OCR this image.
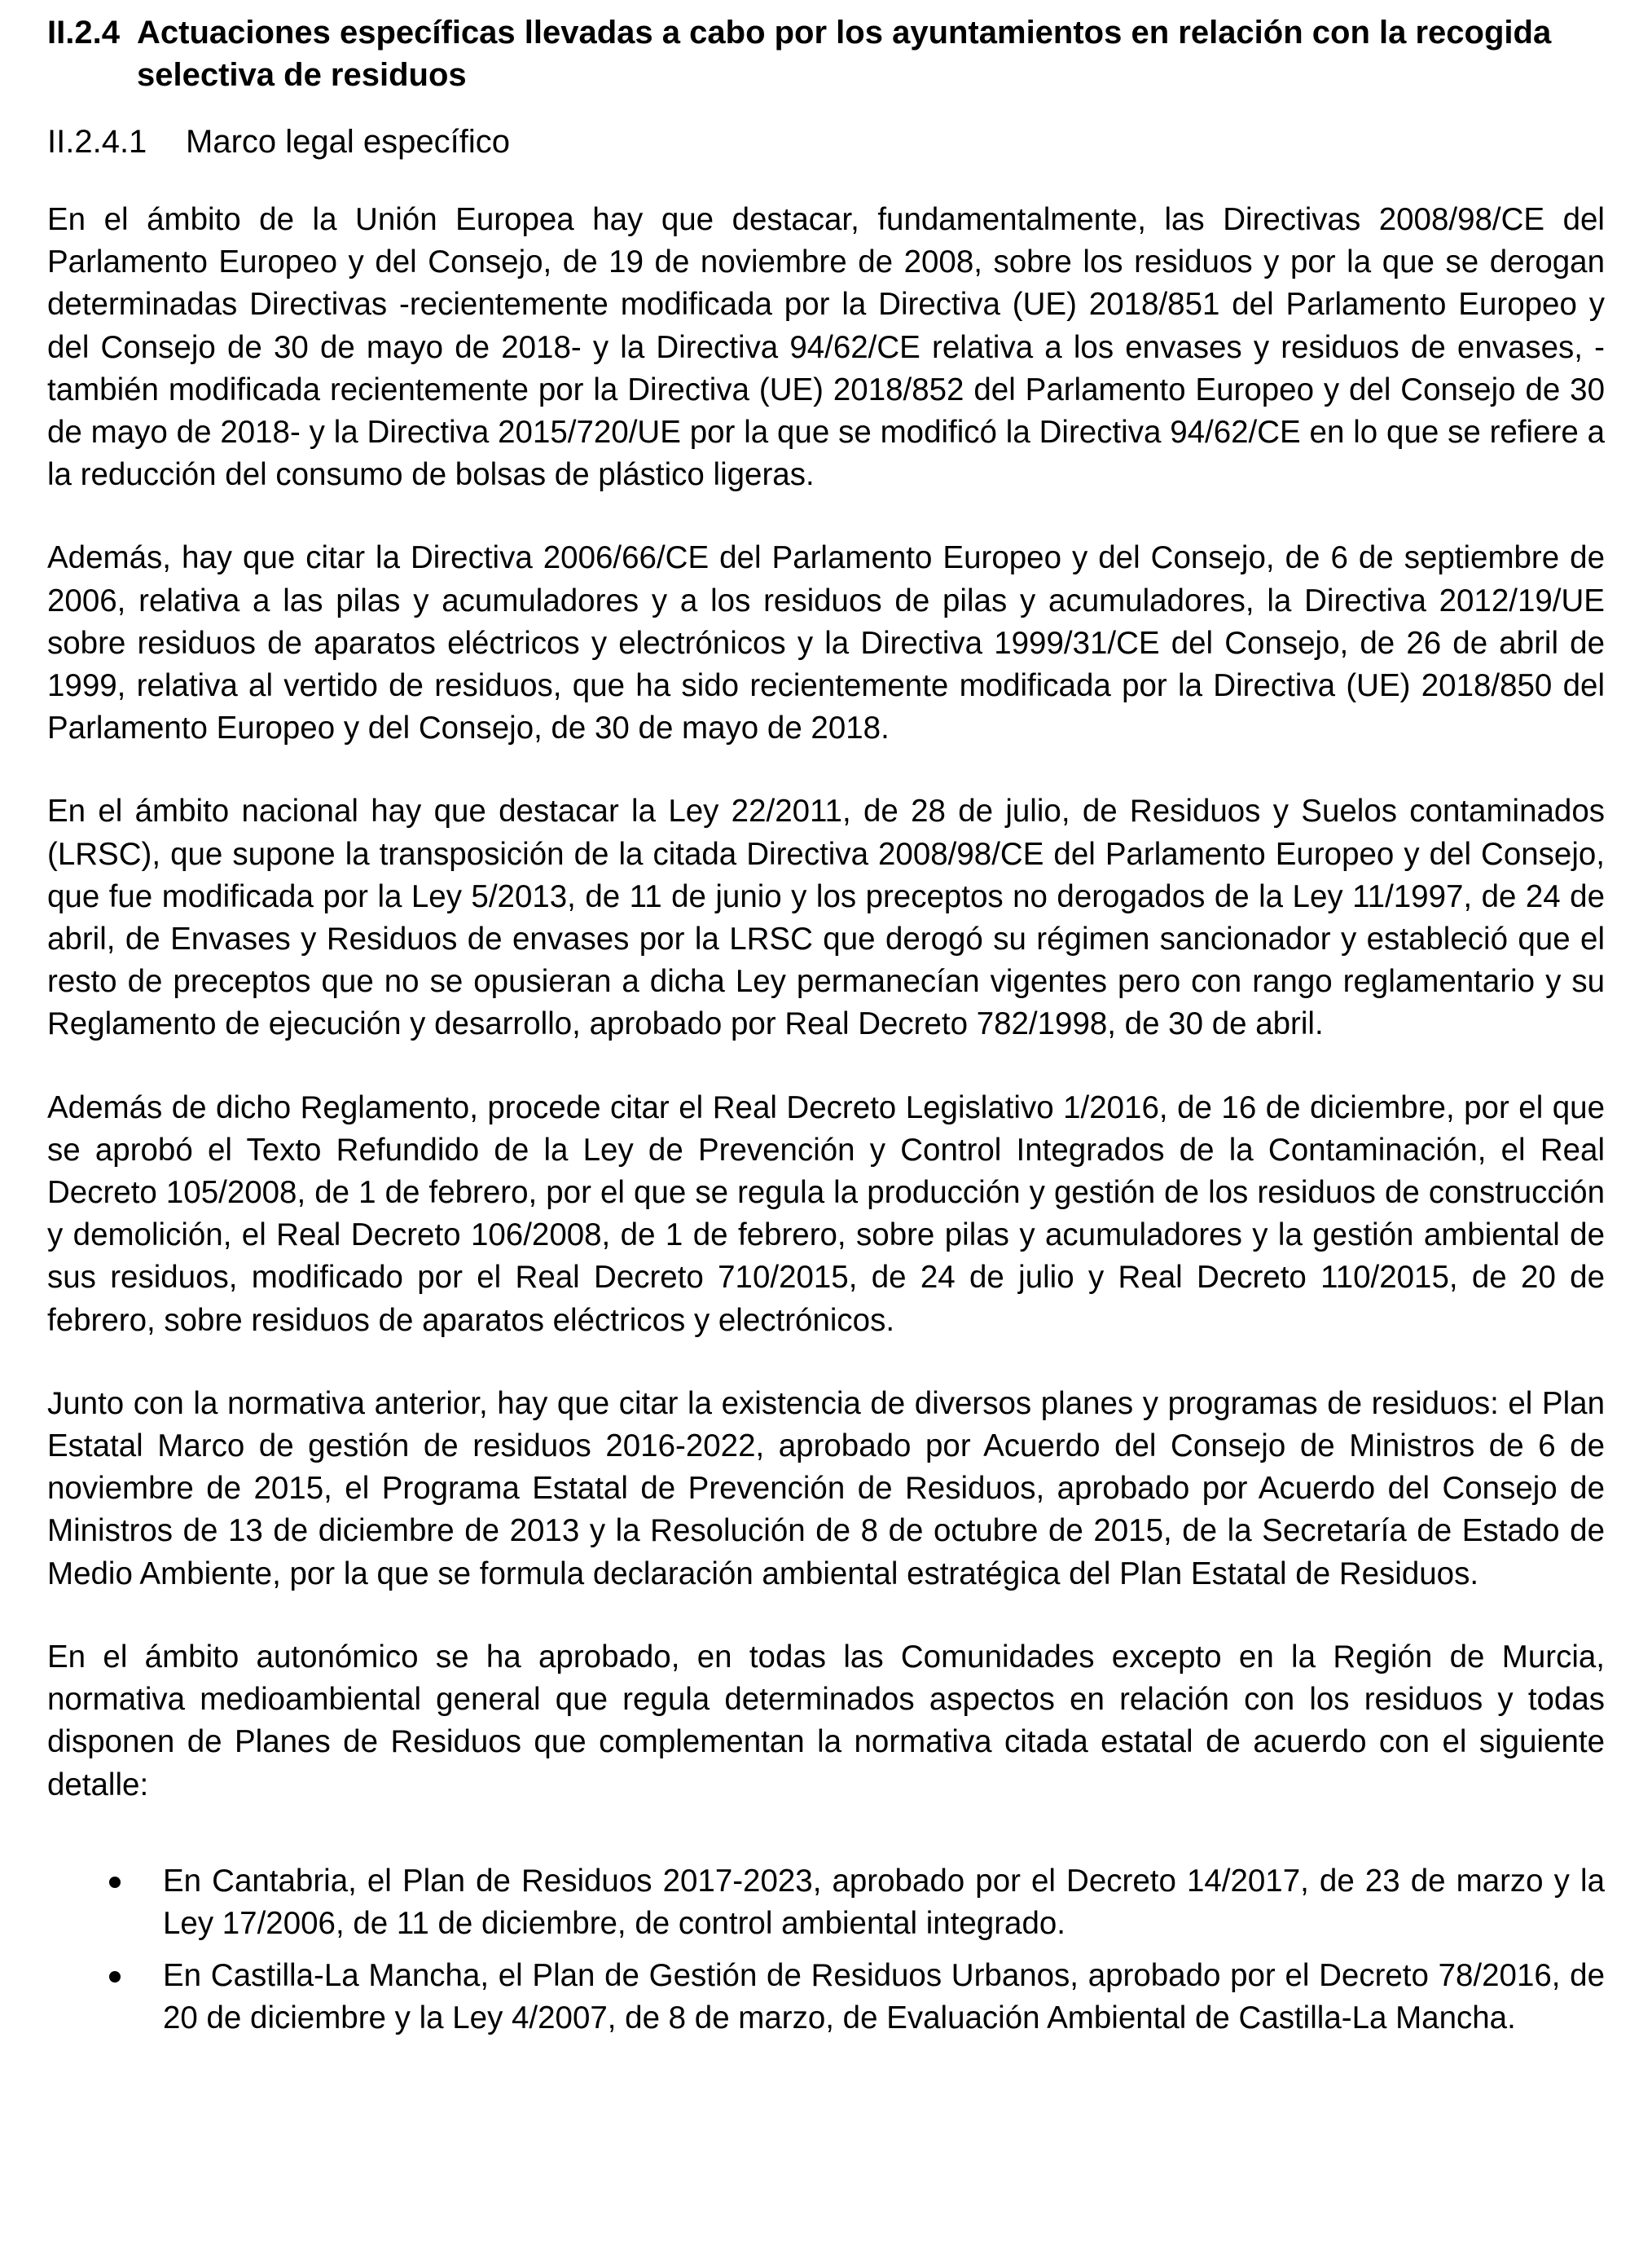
II.2.4 Actuaciones específicas llevadas a cabo por los ayuntamientos en relación con la recogida selectiva de residuos
II.2.4.1	Marco legal específico

En el ámbito de la Unión Europea hay que destacar, fundamentalmente, las Directivas 2008/98/CE del Parlamento Europeo y del Consejo, de 19 de noviembre de 2008, sobre los residuos y por la que se derogan determinadas Directivas -recientemente modificada por la Directiva (UE) 2018/851 del Parlamento Europeo y del Consejo de 30 de mayo de 2018- y la Directiva 94/62/CE relativa a los envases y residuos de envases, -también modificada recientemente por la Directiva (UE) 2018/852 del Parlamento Europeo y del Consejo de 30 de mayo de 2018- y la Directiva 2015/720/UE por la que se modificó la Directiva 94/62/CE en lo que se refiere a la reducción del consumo de bolsas de plástico ligeras.

Además, hay que citar la Directiva 2006/66/CE del Parlamento Europeo y del Consejo, de 6 de septiembre de 2006, relativa a las pilas y acumuladores y a los residuos de pilas y acumuladores, la Directiva 2012/19/UE sobre residuos de aparatos eléctricos y electrónicos y la Directiva 1999/31/CE del Consejo, de 26 de abril de 1999, relativa al vertido de residuos, que ha sido recientemente modificada por la Directiva (UE) 2018/850 del Parlamento Europeo y del Consejo, de 30 de mayo de 2018.

En el ámbito nacional hay que destacar la Ley 22/2011, de 28 de julio, de Residuos y Suelos contaminados (LRSC), que supone la transposición de la citada Directiva 2008/98/CE del Parlamento Europeo y del Consejo, que fue modificada por la Ley 5/2013, de 11 de junio y los preceptos no derogados de la Ley 11/1997, de 24 de abril, de Envases y Residuos de envases por la LRSC que derogó su régimen sancionador y estableció que el resto de preceptos que no se opusieran a dicha Ley permanecían vigentes pero con rango reglamentario y su Reglamento de ejecución y desarrollo, aprobado por Real Decreto 782/1998, de 30 de abril.

Además de dicho Reglamento, procede citar el Real Decreto Legislativo 1/2016, de 16 de diciembre, por el que se aprobó el Texto Refundido de la Ley de Prevención y Control Integrados de la Contaminación, el Real Decreto 105/2008, de 1 de febrero, por el que se regula la producción y gestión de los residuos de construcción y demolición, el Real Decreto 106/2008, de 1 de febrero, sobre pilas y acumuladores y la gestión ambiental de sus residuos, modificado por el Real Decreto 710/2015, de 24 de julio y Real Decreto 110/2015, de 20 de febrero, sobre residuos de aparatos eléctricos y electrónicos.

Junto con la normativa anterior, hay que citar la existencia de diversos planes y programas de residuos: el Plan Estatal Marco de gestión de residuos 2016-2022, aprobado por Acuerdo del Consejo de Ministros de 6 de noviembre de 2015, el Programa Estatal de Prevención de Residuos, aprobado por Acuerdo del Consejo de Ministros de 13 de diciembre de 2013 y la Resolución de 8 de octubre de 2015, de la Secretaría de Estado de Medio Ambiente, por la que se formula declaración ambiental estratégica del Plan Estatal de Residuos.

En el ámbito autonómico se ha aprobado, en todas las Comunidades excepto en la Región de Murcia, normativa medioambiental general que regula determinados aspectos en relación con los residuos y todas disponen de Planes de Residuos que complementan la normativa citada estatal de acuerdo con el siguiente detalle:

En Cantabria, el Plan de Residuos 2017-2023, aprobado por el Decreto 14/2017, de 23 de marzo y la Ley 17/2006, de 11 de diciembre, de control ambiental integrado.
En Castilla-La Mancha, el Plan de Gestión de Residuos Urbanos, aprobado por el Decreto 78/2016, de 20 de diciembre y la Ley 4/2007, de 8 de marzo, de Evaluación Ambiental de Castilla-La Mancha.
